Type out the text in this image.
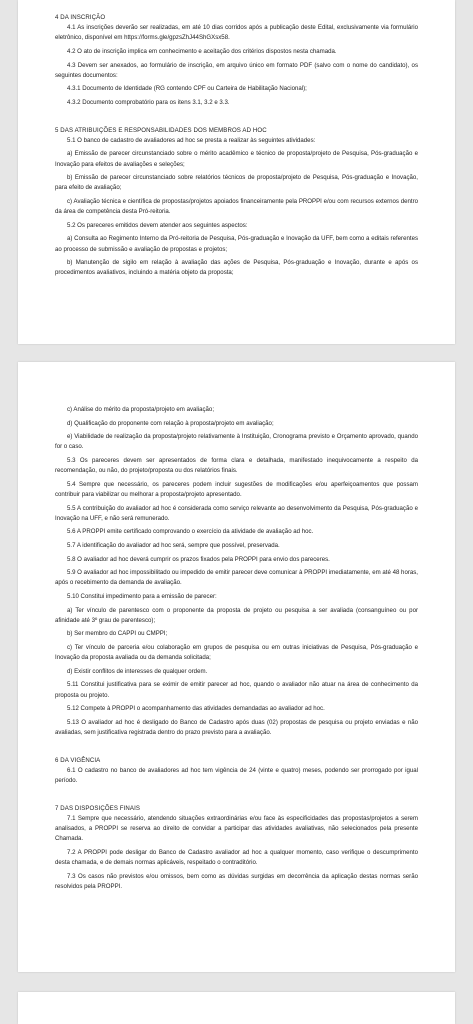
4 DA INSCRIÇÃO

4.1 As inscrições deverão ser realizadas, em até 10 dias corridos após a publicação deste Edital, exclusivamente via formulário eletrônico, disponível em https://forms.gle/gpzsZhJ44ShGXsx58.

4.2 O ato de inscrição implica em conhecimento e aceitação dos critérios dispostos nesta chamada.

4.3 Devem ser anexados, ao formulário de inscrição, em arquivo único em formato PDF (salvo com o nome do candidato), os seguintes documentos:

4.3.1 Documento de Identidade (RG contendo CPF ou Carteira de Habilitação Nacional);

4.3.2 Documento comprobatório para os itens 3.1, 3.2 e 3.3.

5 DAS ATRIBUIÇÕES E RESPONSABILIDADES DOS MEMBROS AD HOC

5.1 O banco de cadastro de avaliadores ad hoc se presta a realizar às seguintes atividades:

a) Emissão de parecer circunstanciado sobre o mérito acadêmico e técnico de proposta/projeto de Pesquisa, Pós-graduação e Inovação para efeitos de avaliações e seleções;

b) Emissão de parecer circunstanciado sobre relatórios técnicos de proposta/projeto de Pesquisa, Pós-graduação e Inovação, para efeito de avaliação;

c) Avaliação técnica e científica de propostas/projetos apoiados financeiramente pela PROPPI e/ou com recursos externos dentro da área de competência desta Pró-reitoria.

5.2 Os pareceres emitidos devem atender aos seguintes aspectos:

a) Consulta ao Regimento Interno da Pró-reitoria de Pesquisa, Pós-graduação e Inovação da UFF, bem como a editais referentes ao processo de submissão e avaliação de propostas e projetos;

b) Manutenção de sigilo em relação à avaliação das ações de Pesquisa, Pós-graduação e Inovação, durante e após os procedimentos avaliativos, incluindo a matéria objeto da proposta;

c) Análise do mérito da proposta/projeto em avaliação;

d) Qualificação do proponente com relação à proposta/projeto em avaliação;

e) Viabilidade de realização da proposta/projeto relativamente à Instituição, Cronograma previsto e Orçamento aprovado, quando for o caso.

5.3 Os pareceres devem ser apresentados de forma clara e detalhada, manifestado inequivocamente a respeito da recomendação, ou não, do projeto/proposta ou dos relatórios finais.

5.4 Sempre que necessário, os pareceres podem incluir sugestões de modificações e/ou aperfeiçoamentos que possam contribuir para viabilizar ou melhorar a proposta/projeto apresentado.

5.5 A contribuição do avaliador ad hoc é considerada como serviço relevante ao desenvolvimento da Pesquisa, Pós-graduação e Inovação na UFF, e não será remunerado.

5.6 A PROPPI emite certificado comprovando o exercício da atividade de avaliação ad hoc.

5.7 A identificação do avaliador ad hoc será, sempre que possível, preservada.

5.8 O avaliador ad hoc deverá cumprir os prazos fixados pela PROPPI para envio dos pareceres.

5.9 O avaliador ad hoc impossibilitado ou impedido de emitir parecer deve comunicar à PROPPI imediatamente, em até 48 horas, após o recebimento da demanda de avaliação.

5.10 Constitui impedimento para a emissão de parecer:

a) Ter vínculo de parentesco com o proponente da proposta de projeto ou pesquisa a ser avaliada (consanguíneo ou por afinidade até 3º grau de parentesco);

b) Ser membro do CAPPI ou CMPPI;

c) Ter vínculo de parceria e/ou colaboração em grupos de pesquisa ou em outras iniciativas de Pesquisa, Pós-graduação e Inovação da proposta avaliada ou da demanda solicitada;

d) Existir conflitos de interesses de qualquer ordem.

5.11 Constitui justificativa para se eximir de emitir parecer ad hoc, quando o avaliador não atuar na área de conhecimento da proposta ou projeto.

5.12 Compete à PROPPI o acompanhamento das atividades demandadas ao avaliador ad hoc.

5.13 O avaliador ad hoc é desligado do Banco de Cadastro após duas (02) propostas de pesquisa ou projeto enviadas e não avaliadas, sem justificativa registrada dentro do prazo previsto para a avaliação.

6 DA VIGÊNCIA

6.1 O cadastro no banco de avaliadores ad hoc tem vigência de 24 (vinte e quatro) meses, podendo ser prorrogado por igual período.

7 DAS DISPOSIÇÕES FINAIS

7.1 Sempre que necessário, atendendo situações extraordinárias e/ou face às especificidades das propostas/projetos a serem analisados, a PROPPI se reserva ao direito de convidar a participar das atividades avaliativas, não selecionados pela presente Chamada.

7.2 A PROPPI pode desligar do Banco de Cadastro avaliador ad hoc a qualquer momento, caso verifique o descumprimento desta chamada, e de demais normas aplicáveis, respeitado o contraditório.

7.3 Os casos não previstos e/ou omissos, bem como as dúvidas surgidas em decorrência da aplicação destas normas serão resolvidos pela PROPPI.
